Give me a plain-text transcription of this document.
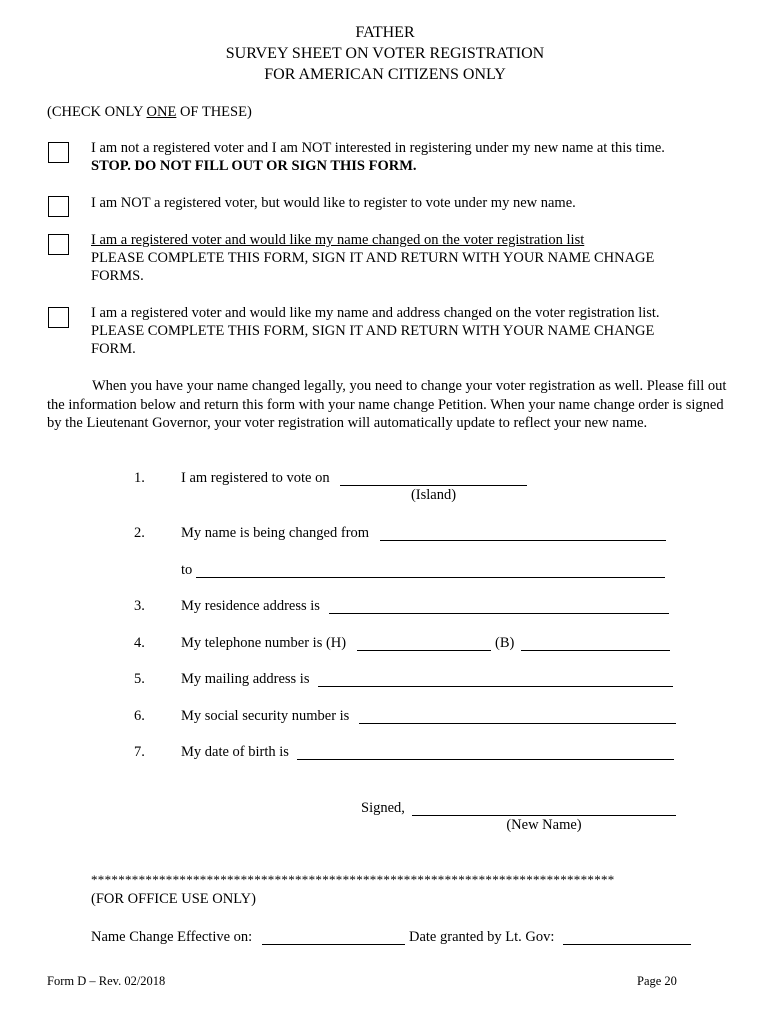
FATHER
SURVEY SHEET ON VOTER REGISTRATION
FOR AMERICAN CITIZENS ONLY
(CHECK ONLY ONE OF THESE)
I am not a registered voter and I am NOT interested in registering under my new name at this time.
STOP. DO NOT FILL OUT OR SIGN THIS FORM.
I am NOT a registered voter, but would like to register to vote under my new name.
I am a registered voter and would like my name changed on the voter registration list
PLEASE COMPLETE THIS FORM, SIGN IT AND RETURN WITH YOUR NAME CHNAGE
FORMS.
I am a registered voter and would like my name and address changed on the voter registration list.
PLEASE COMPLETE THIS FORM, SIGN IT AND RETURN WITH YOUR NAME CHANGE
FORM.
When you have your name changed legally, you need to change your voter registration as well. Please fill out the information below and return this form with your name change Petition. When your name change order is signed by the Lieutenant Governor, your voter registration will automatically update to reflect your new name.
1. I am registered to vote on
(Island)
2. My name is being changed from
to
3. My residence address is
4. My telephone number is (H)	(B)
5. My mailing address is
6. My social security number is
7. My date of birth is
Signed,
(New Name)
*****************************************************************************
(FOR OFFICE USE ONLY)
Name Change Effective on:	Date granted by Lt. Gov:
Form D – Rev. 02/2018	Page 20
